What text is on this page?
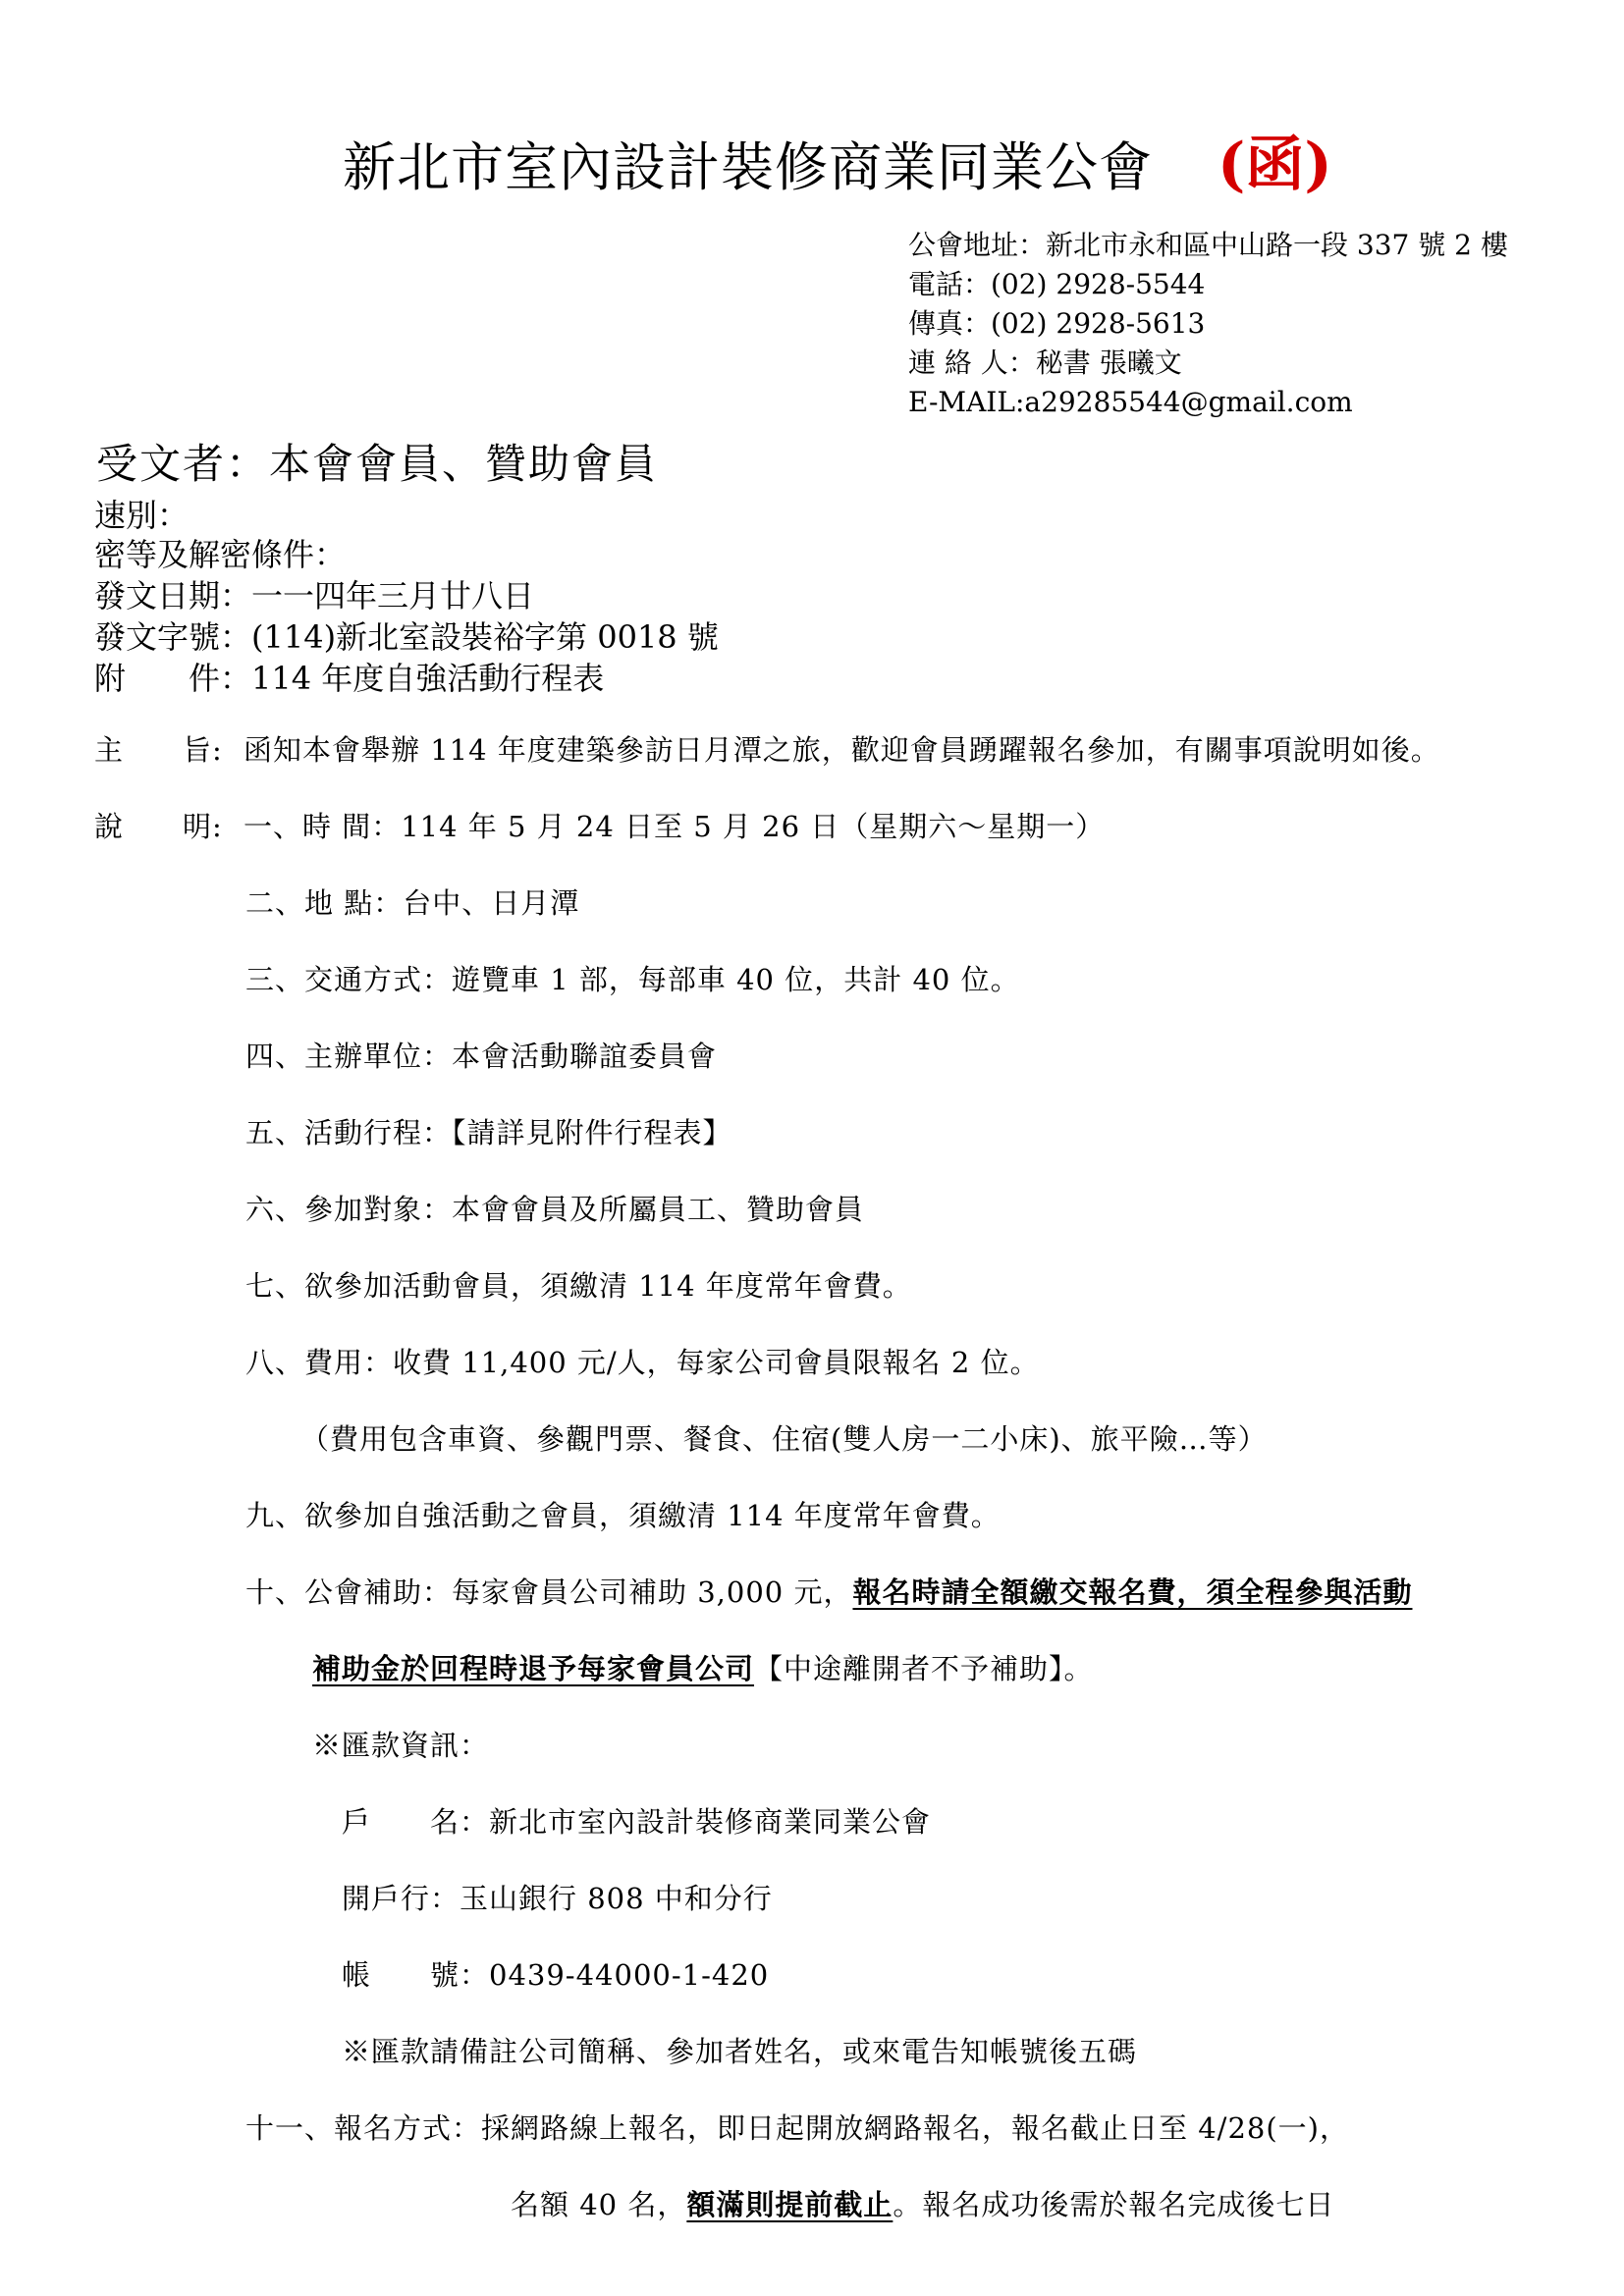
新北市室內設計裝修商業同業公會 (函)
公會地址：新北市永和區中山路一段 337 號 2 樓
電話：(02) 2928-5544
傳真：(02) 2928-5613
連 絡 人：秘書 張曦文
E-MAIL:a29285544@gmail.com
受文者：本會會員、贊助會員
速別：
密等及解密條件：
發文日期：一一四年三月廿八日
發文字號：(114)新北室設裝裕字第 0018 號
附　　件：114 年度自強活動行程表
主　　旨: 函知本會舉辦 114 年度建築參訪日月潭之旅，歡迎會員踴躍報名參加，有關事項說明如後。
說　　明: 一、時 間：114 年 5 月 24 日至 5 月 26 日（星期六～星期一）
二、地 點：台中、日月潭
三、交通方式：遊覽車 1 部，每部車 40 位，共計 40 位。
四、主辦單位：本會活動聯誼委員會
五、活動行程：【請詳見附件行程表】
六、參加對象：本會會員及所屬員工、贊助會員
七、欲參加活動會員，須繳清 114 年度常年會費。
八、費用：收費 11,400 元/人，每家公司會員限報名 2 位。
（費用包含車資、參觀門票、餐食、住宿(雙人房一二小床)、旅平險…等）
九、欲參加自強活動之會員，須繳清 114 年度常年會費。
十、公會補助：每家會員公司補助 3,000 元，報名時請全額繳交報名費，須全程參與活動
補助金於回程時退予每家會員公司【中途離開者不予補助】。
※匯款資訊：
戶　　名：新北市室內設計裝修商業同業公會
開戶行：玉山銀行 808 中和分行
帳　　號：0439-44000-1-420
※匯款請備註公司簡稱、參加者姓名，或來電告知帳號後五碼
十一、報名方式：採網路線上報名，即日起開放網路報名，報名截止日至 4/28(一)，
名額 40 名，額滿則提前截止。報名成功後需於報名完成後七日
